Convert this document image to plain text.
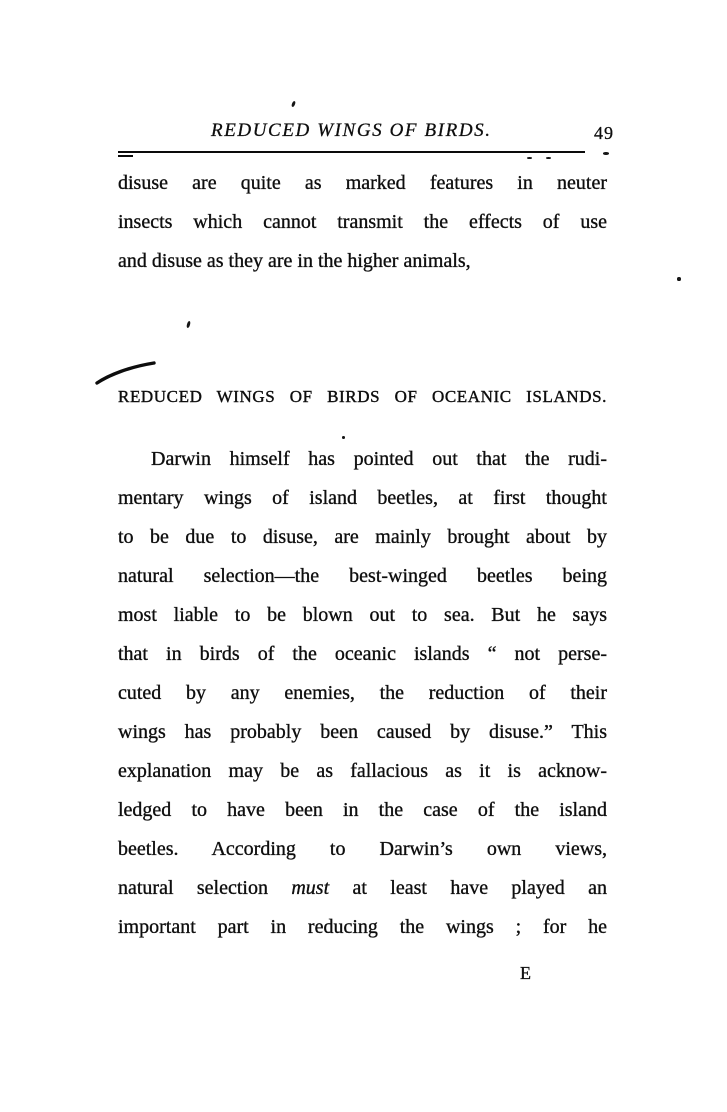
REDUCED WINGS OF BIRDS.	49
disuse are quite as marked features in neuter
insects which cannot transmit the effects of use
and disuse as they are in the higher animals,
REDUCED WINGS OF BIRDS OF OCEANIC ISLANDS.
Darwin himself has pointed out that the rudi-
mentary wings of island beetles, at first thought
to be due to disuse, are mainly brought about by
natural selection—the best-winged beetles being
most liable to be blown out to sea. But he says
that in birds of the oceanic islands “ not perse-
cuted by any enemies, the reduction of their
wings has probably been caused by disuse.” This
explanation may be as fallacious as it is acknow-
ledged to have been in the case of the island
beetles. According to Darwin’s own views,
natural selection must at least have played an
important part in reducing the wings ; for he
E
